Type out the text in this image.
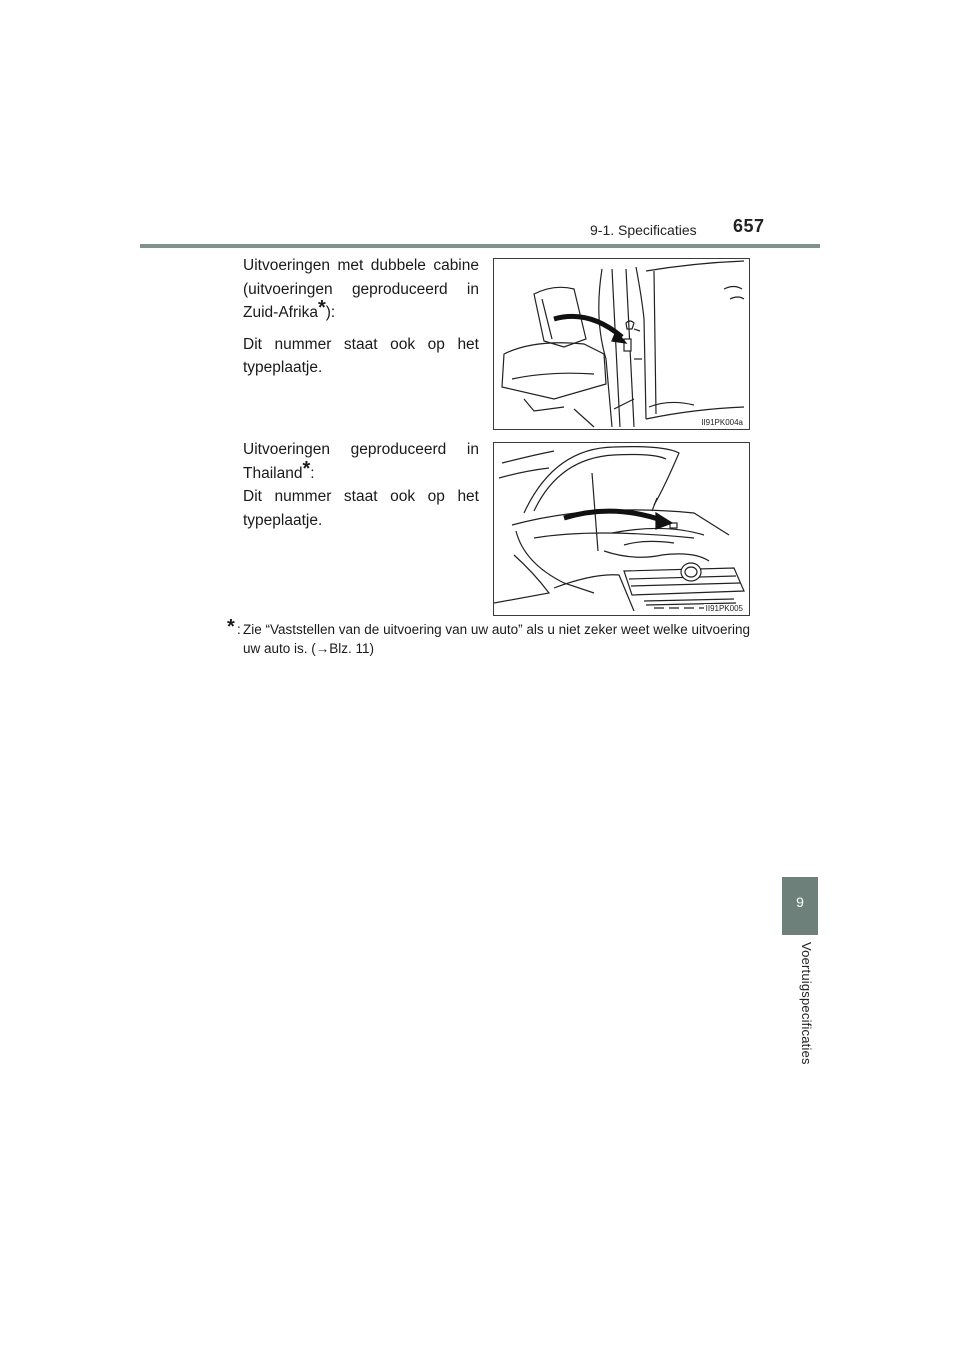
9-1. Specificaties 657
9
Voertuigspecificaties

Uitvoeringen met dubbele cabine (uitvoeringen geproduceerd in Zuid-Afrika*):

Dit nummer staat ook op het typeplaatje.

II91PK004a

Uitvoeringen geproduceerd in Thailand*:

Dit nummer staat ook op het typeplaatje.

II91PK005
* : Zie “Vaststellen van de uitvoering van uw auto” als u niet zeker weet welke uitvoering uw auto is. (→Blz. 11)
